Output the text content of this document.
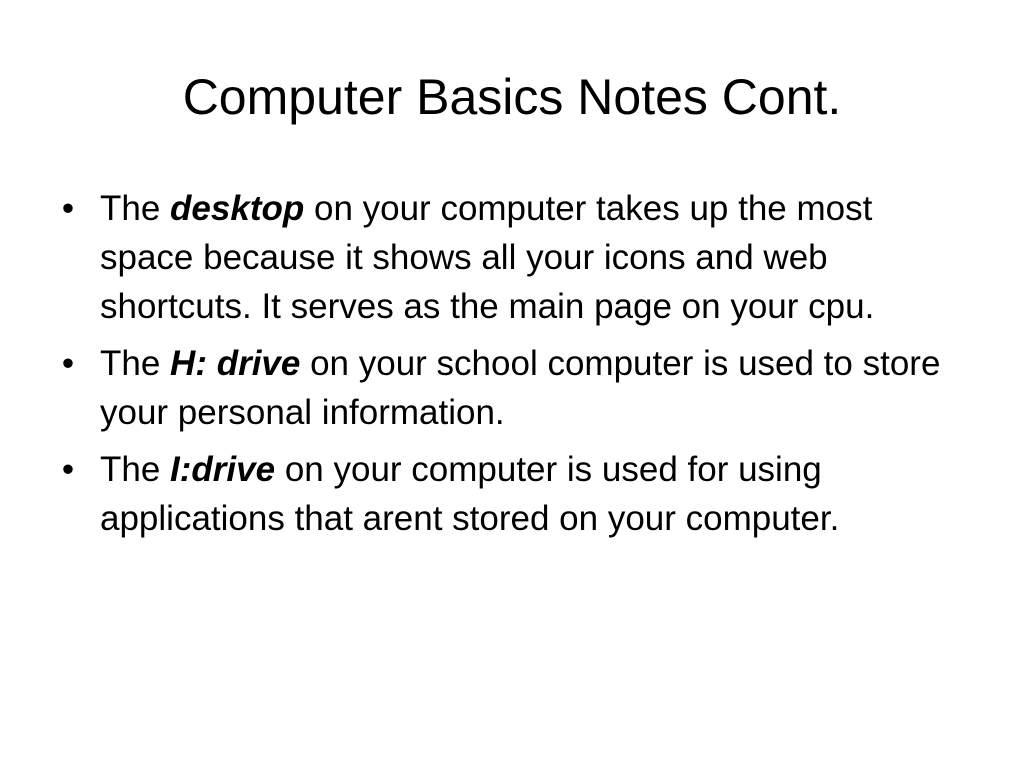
Computer Basics Notes Cont.
• The desktop on your computer takes up the most space because it shows all your icons and web shortcuts. It serves as the main page on your cpu.
• The H: drive on your school computer is used to store your personal information.
• The I:drive on your computer is used for using applications that arent stored on your computer.
